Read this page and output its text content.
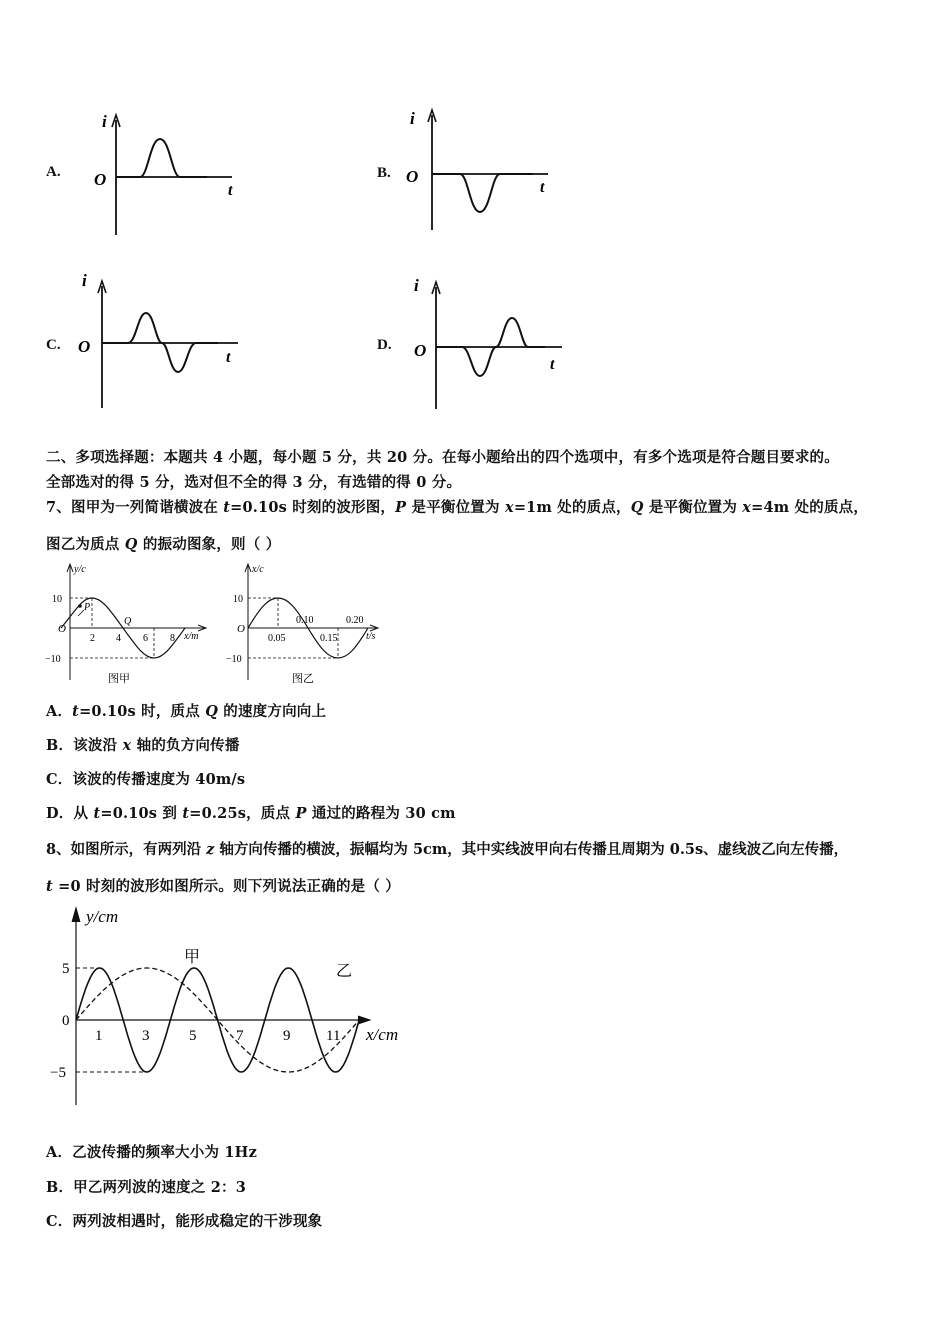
A.
i
O
t
B.
i
O
t
C.
i
O
t
D.
i
O
t
二、多项选择题：本题共 4 小题，每小题 5 分，共 20 分。在每小题给出的四个选项中，有多个选项是符合题目要求的。
全部选对的得 5 分，选对但不全的得 3 分，有选错的得 0 分。
7、图甲为一列简谐横波在 t=0.10s 时刻的波形图，P 是平衡位置为 x=1m 处的质点，Q 是平衡位置为 x=4m 处的质点，
图乙为质点 Q 的振动图象，则（ ）
y/c
O
10
−10
2 4 6 8 x/m
P
Q
图甲
x/c
O
10
−10
0.05	0.15
0.10	0.20
t/s
图乙
A．t=0.10s 时，质点 Q 的速度方向向上
B．该波沿 x 轴的负方向传播
C．该波的传播速度为 40m/s
D．从 t=0.10s 到 t=0.25s，质点 P 通过的路程为 30 cm
8、如图所示，有两列沿 z 轴方向传播的横波，振幅均为 5cm，其中实线波甲向右传播且周期为 0.5s、虚线波乙向左传播，
t =0 时刻的波形如图所示。则下列说法正确的是（ ）
y/cm
0
5
−5
1	3	5	7	9 11 x/cm
甲
乙
A．乙波传播的频率大小为 1Hz
B．甲乙两列波的速度之 2：3
C．两列波相遇时，能形成稳定的干涉现象
